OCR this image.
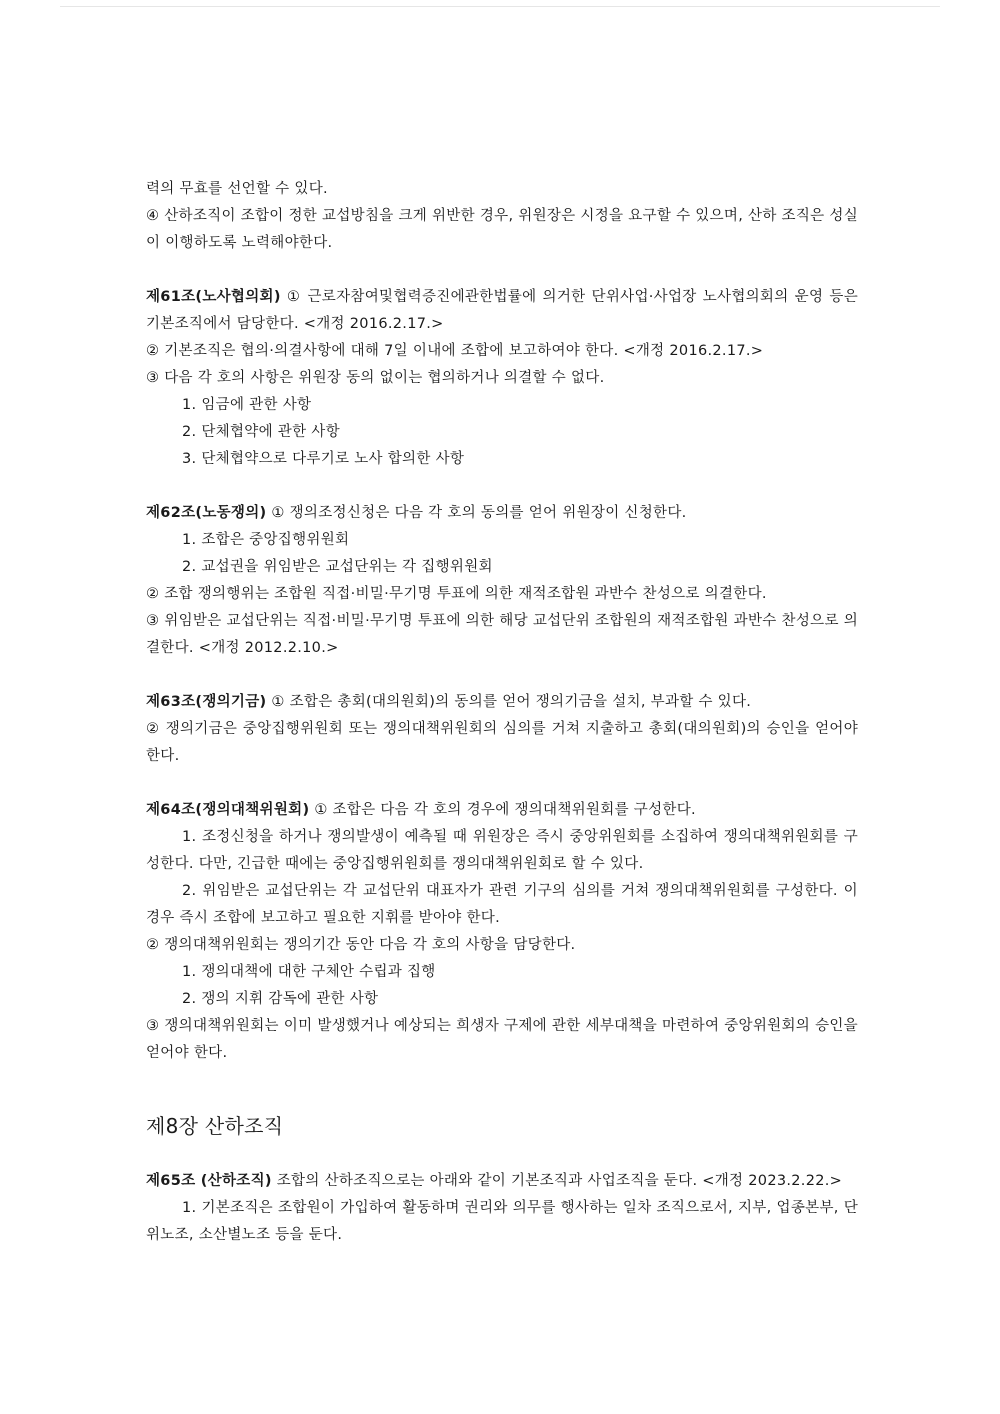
력의 무효를 선언할 수 있다.

④ 산하조직이 조합이 정한 교섭방침을 크게 위반한 경우, 위원장은 시정을 요구할 수 있으며, 산하 조직은 성실이 이행하도록 노력해야한다.

제61조(노사협의회) ① 근로자참여및협력증진에관한법률에 의거한 단위사업·사업장 노사협의회의 운영 등은 기본조직에서 담당한다. <개정 2016.2.17.>

② 기본조직은 협의·의결사항에 대해 7일 이내에 조합에 보고하여야 한다. <개정 2016.2.17.>

③ 다음 각 호의 사항은 위원장 동의 없이는 협의하거나 의결할 수 없다.

1. 임금에 관한 사항

2. 단체협약에 관한 사항

3. 단체협약으로 다루기로 노사 합의한 사항

제62조(노동쟁의) ① 쟁의조정신청은 다음 각 호의 동의를 얻어 위원장이 신청한다.

1. 조합은 중앙집행위원회

2. 교섭권을 위임받은 교섭단위는 각 집행위원회

② 조합 쟁의행위는 조합원 직접·비밀·무기명 투표에 의한 재적조합원 과반수 찬성으로 의결한다.

③ 위임받은 교섭단위는 직접·비밀·무기명 투표에 의한 해당 교섭단위 조합원의 재적조합원 과반수 찬성으로 의결한다. <개정 2012.2.10.>

제63조(쟁의기금) ① 조합은 총회(대의원회)의 동의를 얻어 쟁의기금을 설치, 부과할 수 있다.

② 쟁의기금은 중앙집행위원회 또는 쟁의대책위원회의 심의를 거쳐 지출하고 총회(대의원회)의 승인을 얻어야 한다.

제64조(쟁의대책위원회) ① 조합은 다음 각 호의 경우에 쟁의대책위원회를 구성한다.

1. 조정신청을 하거나 쟁의발생이 예측될 때 위원장은 즉시 중앙위원회를 소집하여 쟁의대책위원회를 구성한다. 다만, 긴급한 때에는 중앙집행위원회를 쟁의대책위원회로 할 수 있다.

2. 위임받은 교섭단위는 각 교섭단위 대표자가 관련 기구의 심의를 거쳐 쟁의대책위원회를 구성한다. 이 경우 즉시 조합에 보고하고 필요한 지휘를 받아야 한다.

② 쟁의대책위원회는 쟁의기간 동안 다음 각 호의 사항을 담당한다.

1. 쟁의대책에 대한 구체안 수립과 집행

2. 쟁의 지휘 감독에 관한 사항

③ 쟁의대책위원회는 이미 발생했거나 예상되는 희생자 구제에 관한 세부대책을 마련하여 중앙위원회의 승인을 얻어야 한다.

제8장 산하조직

제65조 (산하조직) 조합의 산하조직으로는 아래와 같이 기본조직과 사업조직을 둔다. <개정 2023.2.22.>

1. 기본조직은 조합원이 가입하여 활동하며 권리와 의무를 행사하는 일차 조직으로서, 지부, 업종본부, 단위노조, 소산별노조 등을 둔다.
